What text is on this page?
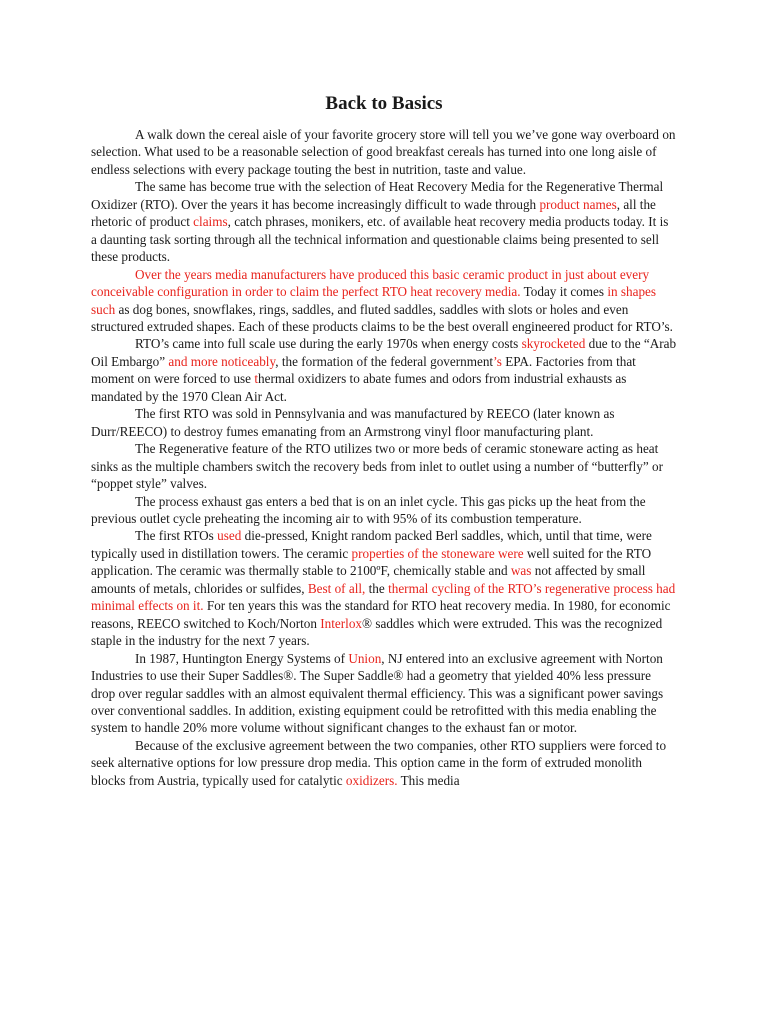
Back to Basics

A walk down the cereal aisle of your favorite grocery store will tell you we’ve gone way overboard on selection. What used to be a reasonable selection of good breakfast cereals has turned into one long aisle of endless selections with every package touting the best in nutrition, taste and value.

The same has become true with the selection of Heat Recovery Media for the Regenerative Thermal Oxidizer (RTO). Over the years it has become increasingly difficult to wade through product names, all the rhetoric of product claims, catch phrases, monikers, etc. of available heat recovery media products today. It is a daunting task sorting through all the technical information and questionable claims being presented to sell these products.

Over the years media manufacturers have produced this basic ceramic product in just about every conceivable configuration in order to claim the perfect RTO heat recovery media. Today it comes in shapes such as dog bones, snowflakes, rings, saddles, and fluted saddles, saddles with slots or holes and even structured extruded shapes. Each of these products claims to be the best overall engineered product for RTO’s.

RTO’s came into full scale use during the early 1970s when energy costs skyrocketed due to the “Arab Oil Embargo” and more noticeably, the formation of the federal government’s EPA. Factories from that moment on were forced to use thermal oxidizers to abate fumes and odors from industrial exhausts as mandated by the 1970 Clean Air Act.

The first RTO was sold in Pennsylvania and was manufactured by REECO (later known as Durr/REECO) to destroy fumes emanating from an Armstrong vinyl floor manufacturing plant.

The Regenerative feature of the RTO utilizes two or more beds of ceramic stoneware acting as heat sinks as the multiple chambers switch the recovery beds from inlet to outlet using a number of “butterfly” or “poppet style” valves.

The process exhaust gas enters a bed that is on an inlet cycle. This gas picks up the heat from the previous outlet cycle preheating the incoming air to with 95% of its combustion temperature.

The first RTOs used die-pressed, Knight random packed Berl saddles, which, until that time, were typically used in distillation towers. The ceramic properties of the stoneware were well suited for the RTO application. The ceramic was thermally stable to 2100ºF, chemically stable and was not affected by small amounts of metals, chlorides or sulfides, Best of all, the thermal cycling of the RTO’s regenerative process had minimal effects on it. For ten years this was the standard for RTO heat recovery media. In 1980, for economic reasons, REECO switched to Koch/Norton Interlox® saddles which were extruded. This was the recognized staple in the industry for the next 7 years.

In 1987, Huntington Energy Systems of Union, NJ entered into an exclusive agreement with Norton Industries to use their Super Saddles®. The Super Saddle® had a geometry that yielded 40% less pressure drop over regular saddles with an almost equivalent thermal efficiency. This was a significant power savings over conventional saddles. In addition, existing equipment could be retrofitted with this media enabling the system to handle 20% more volume without significant changes to the exhaust fan or motor.

Because of the exclusive agreement between the two companies, other RTO suppliers were forced to seek alternative options for low pressure drop media. This option came in the form of extruded monolith blocks from Austria, typically used for catalytic oxidizers. This media
